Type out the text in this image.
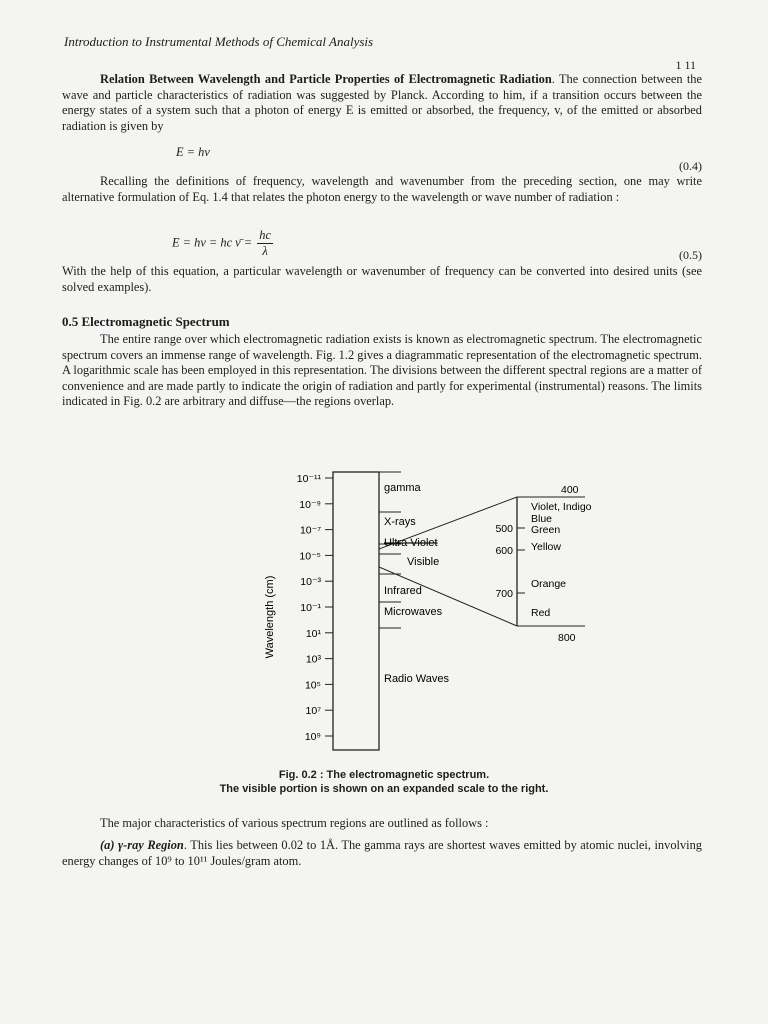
Introduction to Instrumental Methods of Chemical Analysis
1 11

Relation Between Wavelength and Particle Properties of Electromagnetic Radiation. The connection between the wave and particle characteristics of radiation was suggested by Planck. According to him, if a transition occurs between the energy states of a system such that a photon of energy E is emitted or absorbed, the frequency, v, of the emitted or absorbed radiation is given by

E = hv
(0.4)

Recalling the definitions of frequency, wavelength and wavenumber from the preceding section, one may write alternative formulation of Eq. 1.4 that relates the photon energy to the wavelength or wave number of radiation :

E = hv = hc ν̄ = $\frac{hc}{\lambda}$	(0.5)

With the help of this equation, a particular wavelength or wavenumber of frequency can be converted into desired units (see solved examples).

0.5 Electromagnetic Spectrum

The entire range over which electromagnetic radiation exists is known as electromagnetic spectrum. The electromagnetic spectrum covers an immense range of wavelength. Fig. 1.2 gives a diagrammatic representation of the electromagnetic spectrum. A logarithmic scale has been employed in this representation. The divisions between the different spectral regions are a matter of convenience and are made partly to indicate the origin of radiation and partly for experimental (instrumental) reasons. The limits indicated in Fig. 0.2 are arbitrary and diffuse—the regions overlap.

Wavelength (cm)
10⁻¹¹
10⁻⁹
10⁻⁷
10⁻⁵
10⁻³
10⁻¹
10¹
10³
10⁵
10⁷
10⁹
gamma
X-rays
Ultra Violet
Visible
Infrared
Microwaves
Radio Waves
500
600
700
400
800
Violet, Indigo
Blue
Green
Yellow
Orange
Red
Fig. 0.2 : The electromagnetic spectrum.
The visible portion is shown on an expanded scale to the right.

The major characteristics of various spectrum regions are outlined as follows :

(a) γ-ray Region. This lies between 0.02 to 1Å. The gamma rays are shortest waves emitted by atomic nuclei, involving energy changes of 10⁹ to 10¹¹ Joules/gram atom.
